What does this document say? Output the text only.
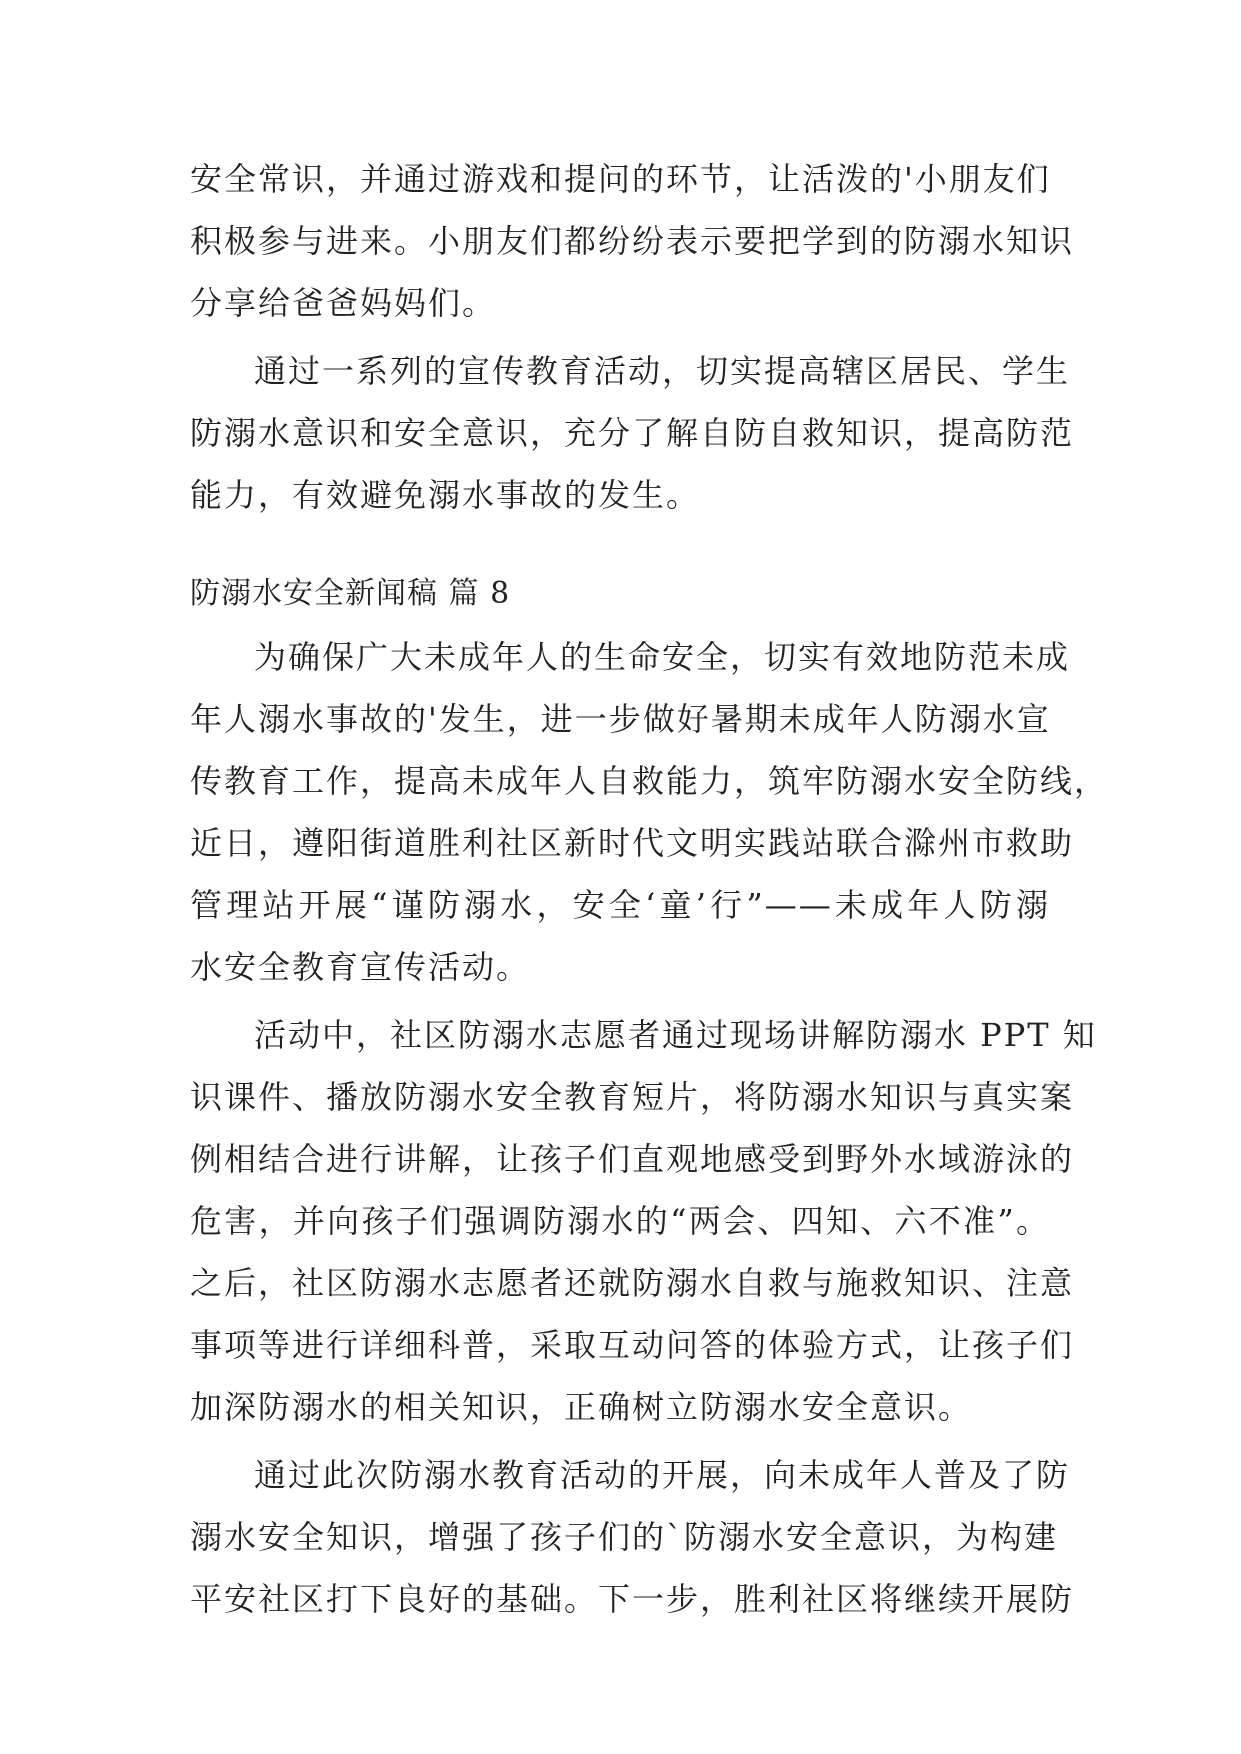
安全常识，并通过游戏和提问的环节，让活泼的'小朋友们
积极参与进来。小朋友们都纷纷表示要把学到的防溺水知识
分享给爸爸妈妈们。
通过一系列的宣传教育活动，切实提高辖区居民、学生
防溺水意识和安全意识，充分了解自防自救知识，提高防范
能力，有效避免溺水事故的发生。
防溺水安全新闻稿 篇 8
为确保广大未成年人的生命安全，切实有效地防范未成
年人溺水事故的'发生，进一步做好暑期未成年人防溺水宣
传教育工作，提高未成年人自救能力，筑牢防溺水安全防线，
近日，遵阳街道胜利社区新时代文明实践站联合滁州市救助
管理站开展“谨防溺水，安全‘童’行”——未成年人防溺
水安全教育宣传活动。
活动中，社区防溺水志愿者通过现场讲解防溺水 PPT 知
识课件、播放防溺水安全教育短片，将防溺水知识与真实案
例相结合进行讲解，让孩子们直观地感受到野外水域游泳的
危害，并向孩子们强调防溺水的“两会、四知、六不准”。
之后，社区防溺水志愿者还就防溺水自救与施救知识、注意
事项等进行详细科普，采取互动问答的体验方式，让孩子们
加深防溺水的相关知识，正确树立防溺水安全意识。
通过此次防溺水教育活动的开展，向未成年人普及了防
溺水安全知识，增强了孩子们的`防溺水安全意识，为构建
平安社区打下良好的基础。下一步，胜利社区将继续开展防
